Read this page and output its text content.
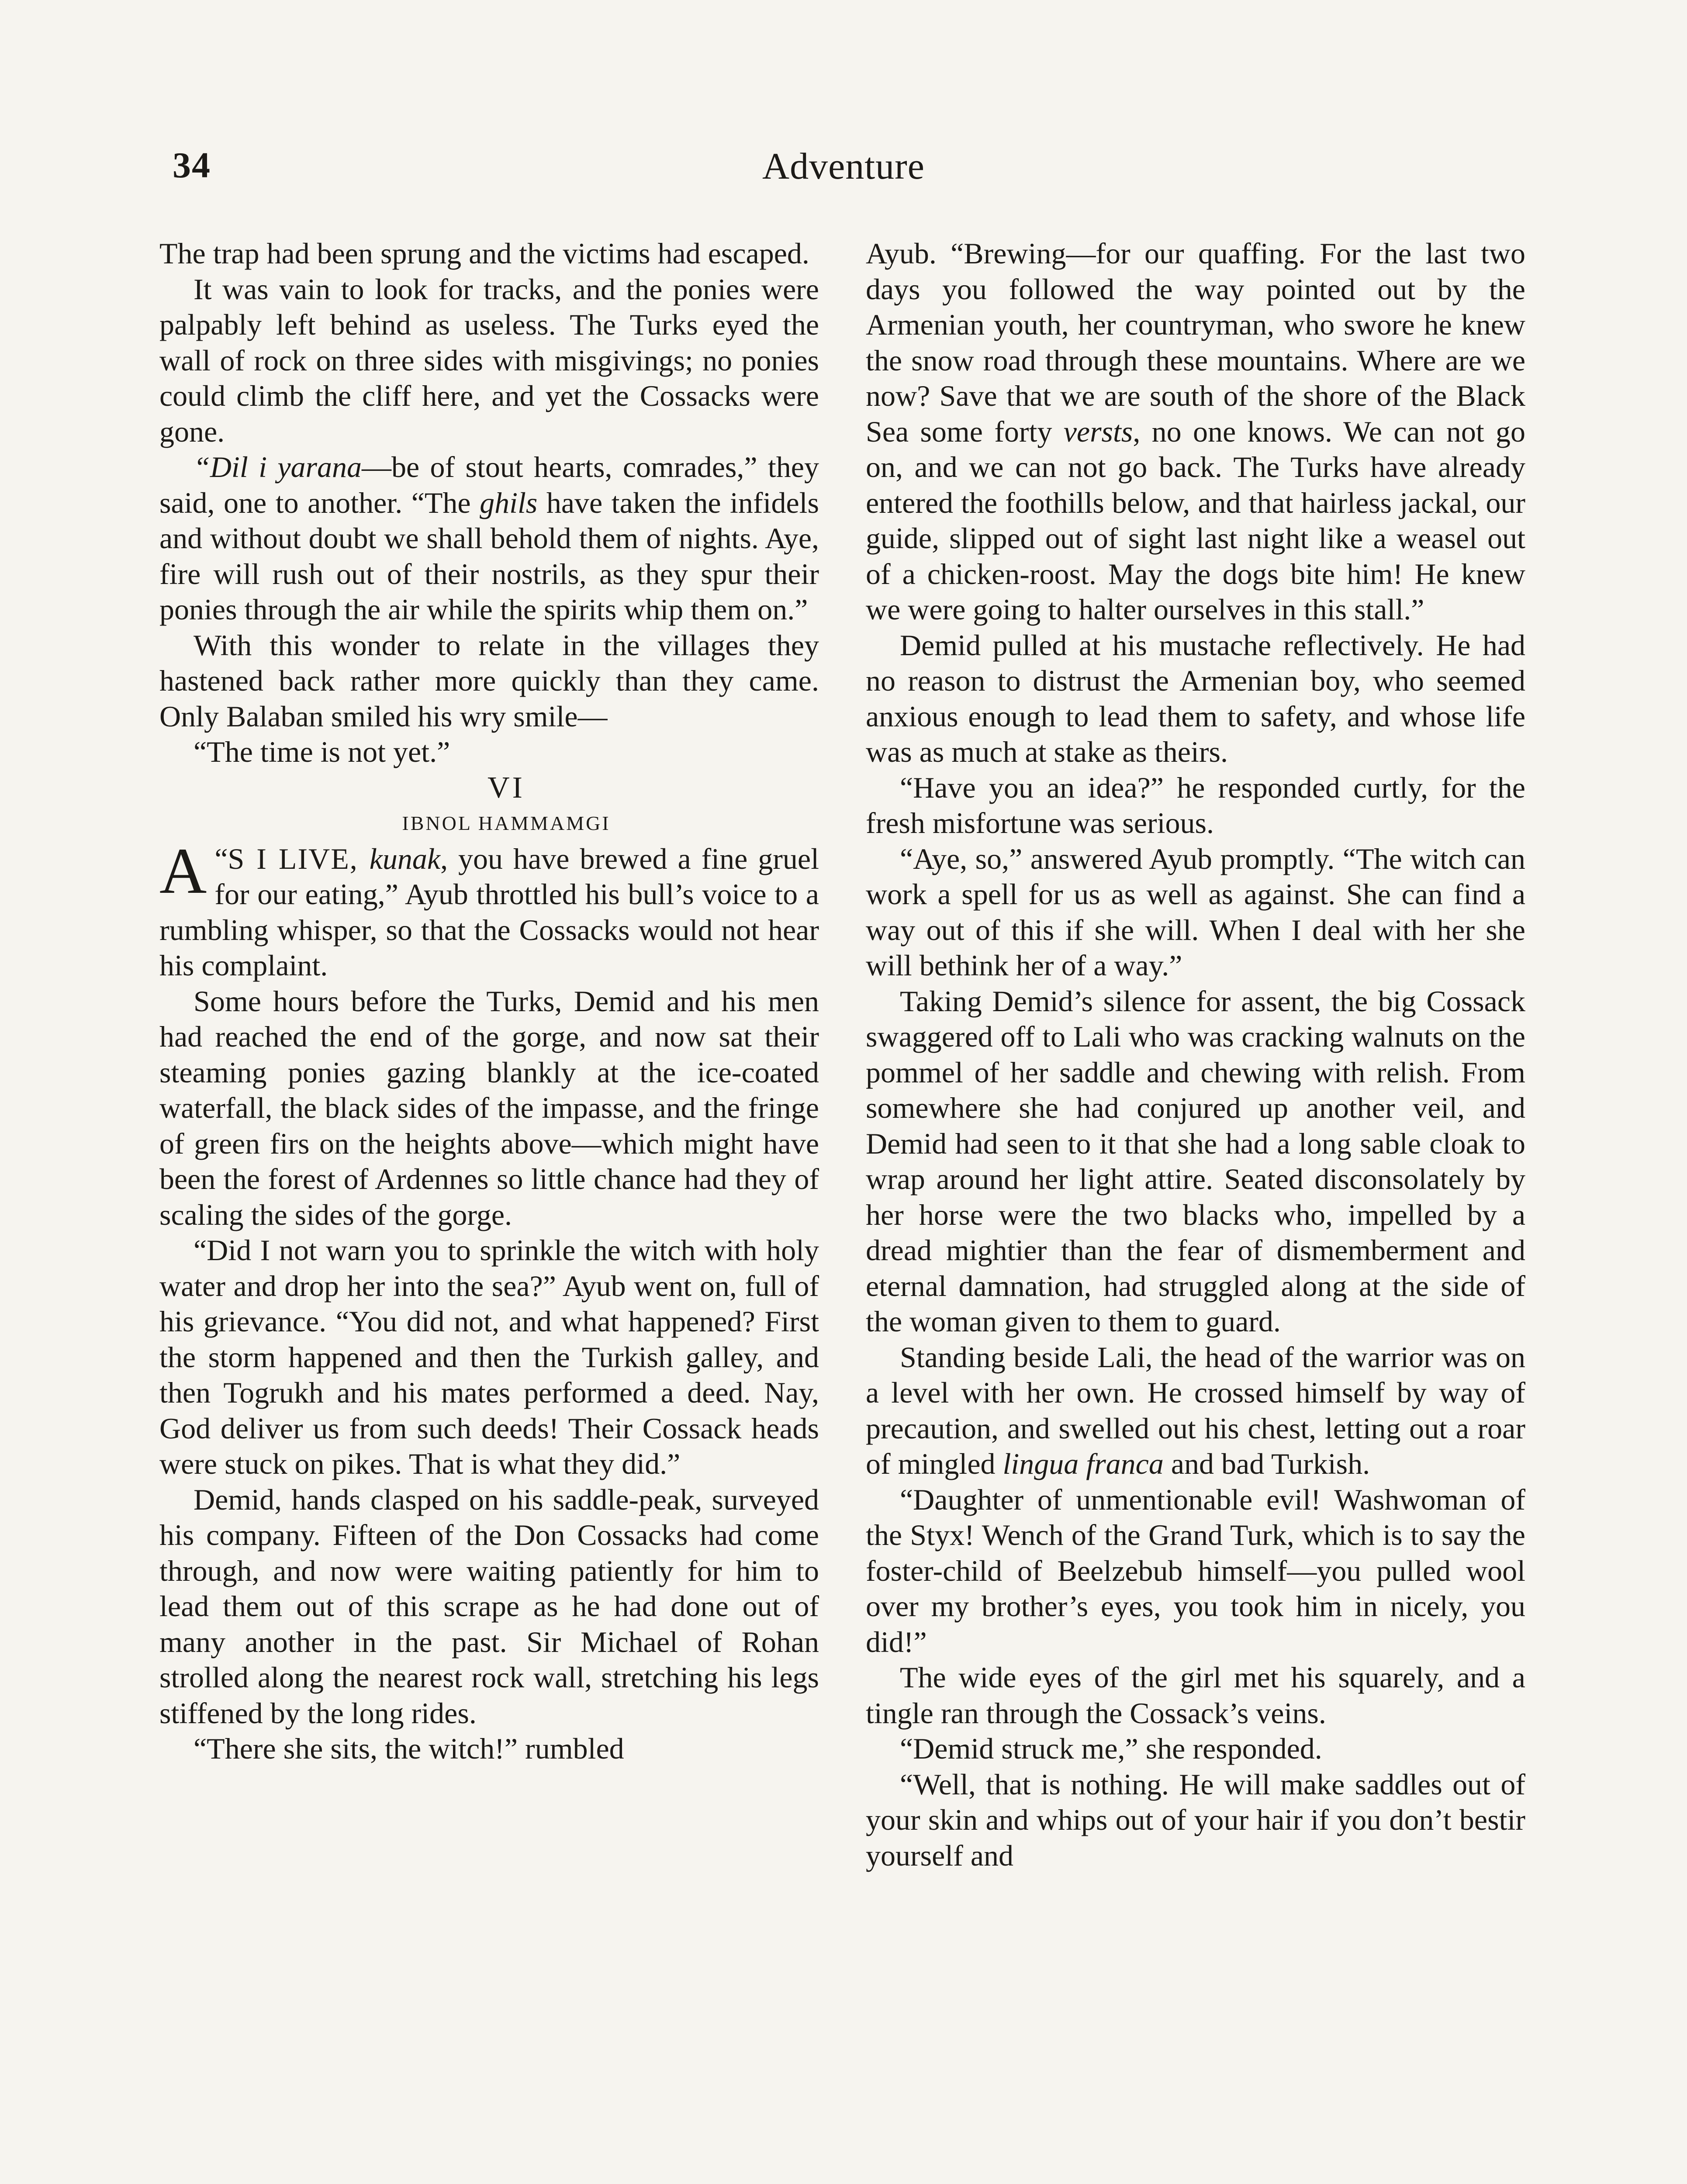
34	Adventure

The trap had been sprung and the victims had escaped.

It was vain to look for tracks, and the ponies were palpably left behind as useless. The Turks eyed the wall of rock on three sides with misgivings; no ponies could climb the cliff here, and yet the Cossacks were gone.

“Dil i yarana—be of stout hearts, comrades,” they said, one to another. “The ghils have taken the infidels and without doubt we shall behold them of nights. Aye, fire will rush out of their nostrils, as they spur their ponies through the air while the spirits whip them on.”

With this wonder to relate in the villages they hastened back rather more quickly than they came. Only Balaban smiled his wry smile—

“The time is not yet.”

VI

IBNOL HAMMAMGI

“
A S I LIVE, kunak, you have brewed a fine gruel for our eating,” Ayub throttled his bull’s voice to a rumbling whisper, so that the Cossacks would not hear his complaint.

Some hours before the Turks, Demid and his men had reached the end of the gorge, and now sat their steaming ponies gazing blankly at the ice-coated waterfall, the black sides of the impasse, and the fringe of green firs on the heights above—which might have been the forest of Ardennes so little chance had they of scaling the sides of the gorge.

“Did I not warn you to sprinkle the witch with holy water and drop her into the sea?” Ayub went on, full of his grievance. “You did not, and what happened? First the storm happened and then the Turkish galley, and then Togrukh and his mates performed a deed. Nay, God deliver us from such deeds! Their Cossack heads were stuck on pikes. That is what they did.”

Demid, hands clasped on his saddle-peak, surveyed his company. Fifteen of the Don Cossacks had come through, and now were waiting patiently for him to lead them out of this scrape as he had done out of many another in the past. Sir Michael of Rohan strolled along the nearest rock wall, stretching his legs stiffened by the long rides.

“There she sits, the witch!” rumbled

Ayub. “Brewing—for our quaffing. For the last two days you followed the way pointed out by the Armenian youth, her countryman, who swore he knew the snow road through these mountains. Where are we now? Save that we are south of the shore of the Black Sea some forty versts, no one knows. We can not go on, and we can not go back. The Turks have already entered the foothills below, and that hairless jackal, our guide, slipped out of sight last night like a weasel out of a chicken-roost. May the dogs bite him! He knew we were going to halter ourselves in this stall.”

Demid pulled at his mustache reflectively. He had no reason to distrust the Armenian boy, who seemed anxious enough to lead them to safety, and whose life was as much at stake as theirs.

“Have you an idea?” he responded curtly, for the fresh misfortune was serious.

“Aye, so,” answered Ayub promptly. “The witch can work a spell for us as well as against. She can find a way out of this if she will. When I deal with her she will bethink her of a way.”

Taking Demid’s silence for assent, the big Cossack swaggered off to Lali who was cracking walnuts on the pommel of her saddle and chewing with relish. From somewhere she had conjured up another veil, and Demid had seen to it that she had a long sable cloak to wrap around her light attire. Seated disconsolately by her horse were the two blacks who, impelled by a dread mightier than the fear of dismemberment and eternal damnation, had struggled along at the side of the woman given to them to guard.

Standing beside Lali, the head of the warrior was on a level with her own. He crossed himself by way of precaution, and swelled out his chest, letting out a roar of mingled lingua franca and bad Turkish.

“Daughter of unmentionable evil! Washwoman of the Styx! Wench of the Grand Turk, which is to say the foster-child of Beelzebub himself—you pulled wool over my brother’s eyes, you took him in nicely, you did!”

The wide eyes of the girl met his squarely, and a tingle ran through the Cossack’s veins.

“Demid struck me,” she responded.

“Well, that is nothing. He will make saddles out of your skin and whips out of your hair if you don’t bestir yourself and
